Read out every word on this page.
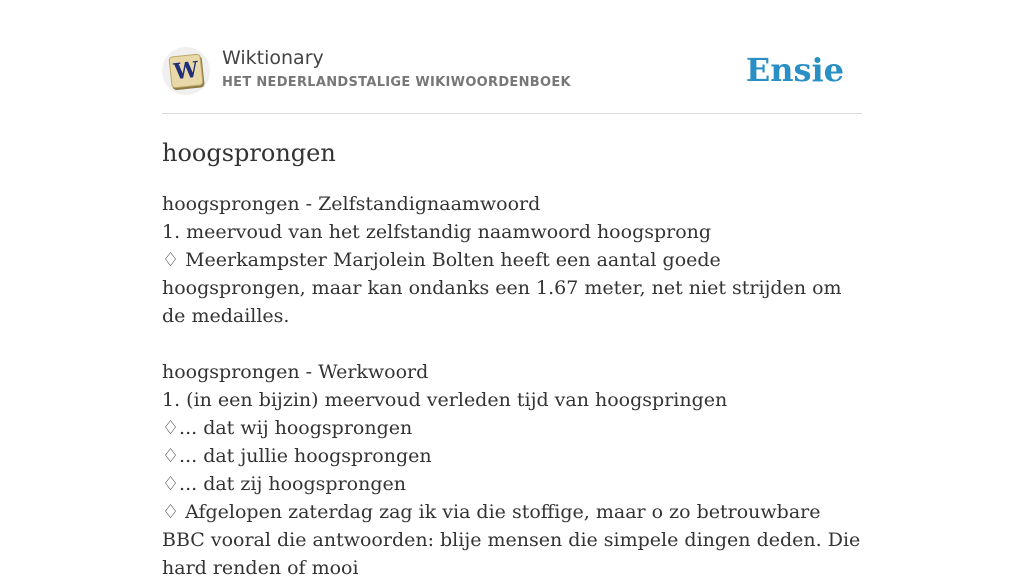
W Wiktionary
HET NEDERLANDSTALIGE WIKIWOORDENBOEK	Ensie
hoogsprongen
hoogsprongen - Zelfstandignaamwoord
1. meervoud van het zelfstandig naamwoord hoogsprong
♢ Meerkampster Marjolein Bolten heeft een aantal goede hoogsprongen, maar kan ondanks een 1.67 meter, net niet strijden om de medailles.
hoogsprongen - Werkwoord
1. (in een bijzin) meervoud verleden tijd van hoogspringen
♢... dat wij hoogsprongen
♢... dat jullie hoogsprongen
♢... dat zij hoogsprongen
♢ Afgelopen zaterdag zag ik via die stoffige, maar o zo betrouwbare BBC vooral die antwoorden: blije mensen die simpele dingen deden. Die hard renden of mooi
